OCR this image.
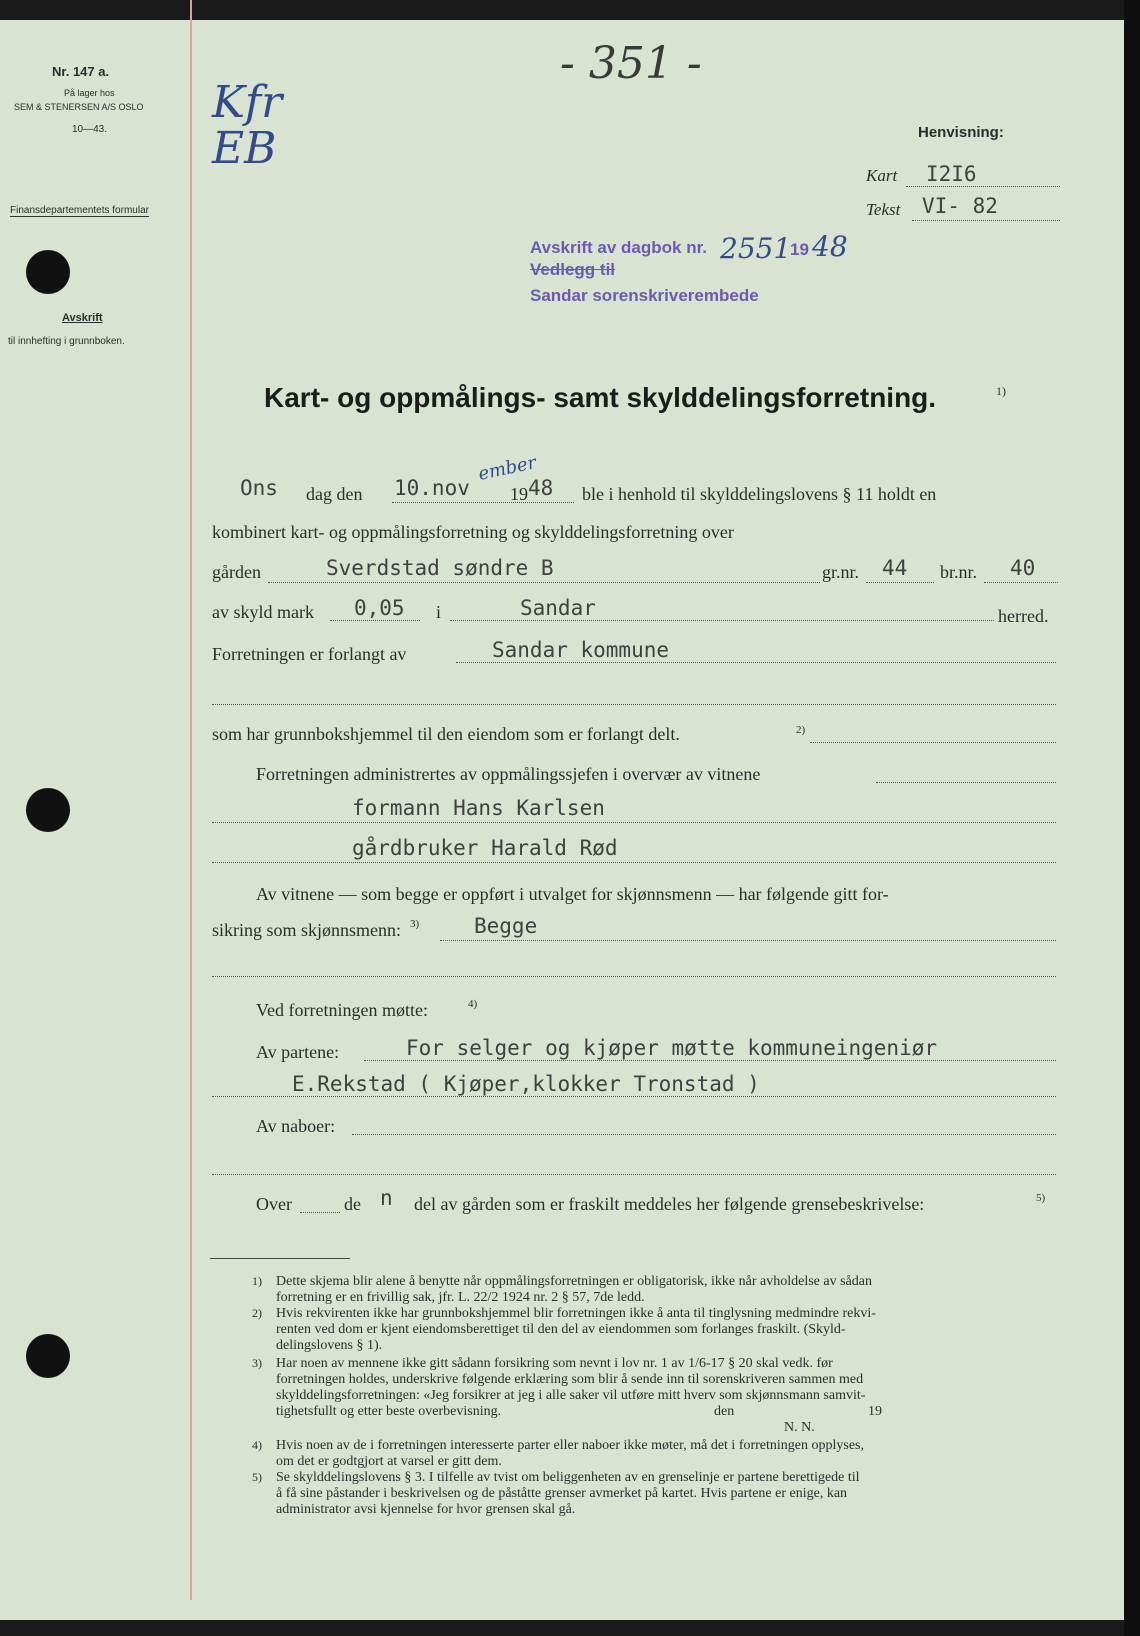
Nr. 147 a.
På lager hos
SEM & STENERSEN A/S OSLO
10—43.
Finansdepartementets formular
Avskrift
til innhefting i grunnboken.
- 351 -
Kfr EB	Henvisning:
Kart I2I6
Tekst VI- 82
Avskrift av dagbok nr. 2551
19 48
Vedlegg til
Sandar sorenskriverembede
Kart- og oppmålings- samt skylddelingsforretning.	1)
Ons dag den 10.nov
ember
19 48 ble i henhold til skylddelingslovens § 11 holdt en
kombinert kart- og oppmålingsforretning og skylddelingsforretning over
gården	Sverdstad søndre B	gr.nr. 44 br.nr. 40
av skyld mark 0,05 i	Sandar	herred.
Forretningen er forlangt av	Sandar kommune
som har grunnbokshjemmel til den eiendom som er forlangt delt.	2)
Forretningen administrertes av oppmålingssjefen i overvær av vitnene
formann Hans Karlsen
gårdbruker Harald Rød
Av vitnene — som begge er oppført i utvalget for skjønnsmenn — har følgende gitt for-
sikring som skjønnsmenn: 3)	Begge
Ved forretningen møtte:	4)
Av partene:	For selger og kjøper møtte kommuneingeniør
E.Rekstad ( Kjøper,klokker Tronstad )
Av naboer:
Over	de n del av gården som er fraskilt meddeles her følgende grensebeskrivelse:	5)
1) Dette skjema blir alene å benytte når oppmålingsforretningen er obligatorisk, ikke når avholdelse av sådan
forretning er en frivillig sak, jfr. L. 22/2 1924 nr. 2 § 57, 7de ledd.
2) Hvis rekvirenten ikke har grunnbokshjemmel blir forretningen ikke å anta til tinglysning medmindre rekvi-
renten ved dom er kjent eiendomsberettiget til den del av eiendommen som forlanges fraskilt. (Skyld-
delingslovens § 1).
3) Har noen av mennene ikke gitt sådann forsikring som nevnt i lov nr. 1 av 1/6-17 § 20 skal vedk. før
forretningen holdes, underskrive følgende erklæring som blir å sende inn til sorenskriveren sammen med
skylddelingsforretningen: «Jeg forsikrer at jeg i alle saker vil utføre mitt hverv som skjønnsmann samvit-
tighetsfullt og etter beste overbevisning.	den	19
N. N.
4) Hvis noen av de i forretningen interesserte parter eller naboer ikke møter, må det i forretningen opplyses,
om det er godtgjort at varsel er gitt dem.
5) Se skylddelingslovens § 3. I tilfelle av tvist om beliggenheten av en grenselinje er partene berettigede til
å få sine påstander i beskrivelsen og de påståtte grenser avmerket på kartet. Hvis partene er enige, kan
administrator avsi kjennelse for hvor grensen skal gå.
